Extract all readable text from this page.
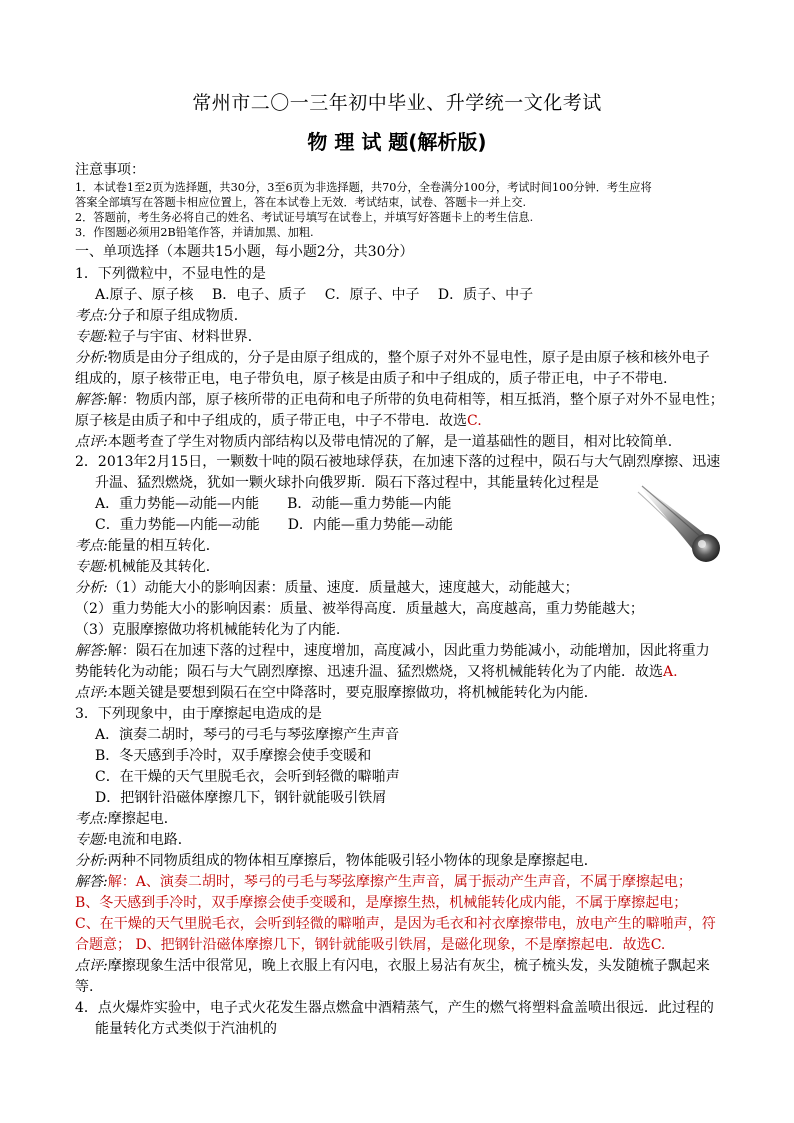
常州市二〇一三年初中毕业、升学统一文化考试
物 理 试 题(解析版)
注意事项：
1．本试卷1至2页为选择题，共30分，3至6页为非选择题，共70分，全卷满分100分，考试时间100分钟．考生应将
答案全部填写在答题卡相应位置上，答在本试卷上无效．考试结束，试卷、答题卡一并上交.
2．答题前，考生务必将自己的姓名、考试证号填写在试卷上，并填写好答题卡上的考生信息.
3．作图题必须用2B铅笔作答，并请加黑、加粗.
一、单项选择（本题共15小题，每小题2分，共30分）
1．下列微粒中，不显电性的是
A.原子、原子核　 B．电子、质子　 C．原子、中子　 D．质子、中子
考点:分子和原子组成物质．
专题:粒子与宇宙、材料世界．
分析:物质是由分子组成的，分子是由原子组成的，整个原子对外不显电性，原子是由原子核和核外电子
组成的，原子核带正电，电子带负电，原子核是由质子和中子组成的，质子带正电，中子不带电.
解答:解：物质内部，原子核所带的正电荷和电子所带的负电荷相等，相互抵消，整个原子对外不显电性；
原子核是由质子和中子组成的，质子带正电，中子不带电．故选C.
点评:本题考查了学生对物质内部结构以及带电情况的了解，是一道基础性的题目，相对比较简单．
2．2013年2月15日，一颗数十吨的陨石被地球俘获，在加速下落的过程中，陨石与大气剧烈摩擦、迅速
升温、猛烈燃烧，犹如一颗火球扑向俄罗斯．陨石下落过程中，其能量转化过程是
A．重力势能—动能—内能　　B．动能—重力势能—内能
C．重力势能—内能—动能　　D．内能—重力势能—动能
考点:能量的相互转化．
专题:机械能及其转化．
分析:（1）动能大小的影响因素：质量、速度．质量越大，速度越大，动能越大；
（2）重力势能大小的影响因素：质量、被举得高度．质量越大，高度越高，重力势能越大；
（3）克服摩擦做功将机械能转化为了内能.
解答:解：陨石在加速下落的过程中，速度增加，高度减小，因此重力势能减小，动能增加，因此将重力
势能转化为动能；陨石与大气剧烈摩擦、迅速升温、猛烈燃烧，又将机械能转化为了内能．故选A.
点评:本题关键是要想到陨石在空中降落时，要克服摩擦做功，将机械能转化为内能．
3．下列现象中，由于摩擦起电造成的是
A．演奏二胡时，琴弓的弓毛与琴弦摩擦产生声音
B．冬天感到手冷时，双手摩擦会使手变暖和
C．在干燥的天气里脱毛衣，会听到轻微的噼啪声
D．把钢针沿磁体摩擦几下，钢针就能吸引铁屑
考点:摩擦起电．
专题:电流和电路．
分析:两种不同物质组成的物体相互摩擦后，物体能吸引轻小物体的现象是摩擦起电．
解答:解：A、演奏二胡时，琴弓的弓毛与琴弦摩擦产生声音，属于振动产生声音，不属于摩擦起电；
B、冬天感到手冷时，双手摩擦会使手变暖和，是摩擦生热，机械能转化成内能，不属于摩擦起电；
C、在干燥的天气里脱毛衣，会听到轻微的噼啪声，是因为毛衣和衬衣摩擦带电，放电产生的噼啪声，符
合题意； D、把钢针沿磁体摩擦几下，钢针就能吸引铁屑，是磁化现象，不是摩擦起电．故选C.
点评:摩擦现象生活中很常见，晚上衣服上有闪电，衣服上易沾有灰尘，梳子梳头发，头发随梳子飘起来
等.
4．点火爆炸实验中，电子式火花发生器点燃盒中酒精蒸气，产生的燃气将塑料盒盖喷出很远．此过程的
能量转化方式类似于汽油机的
